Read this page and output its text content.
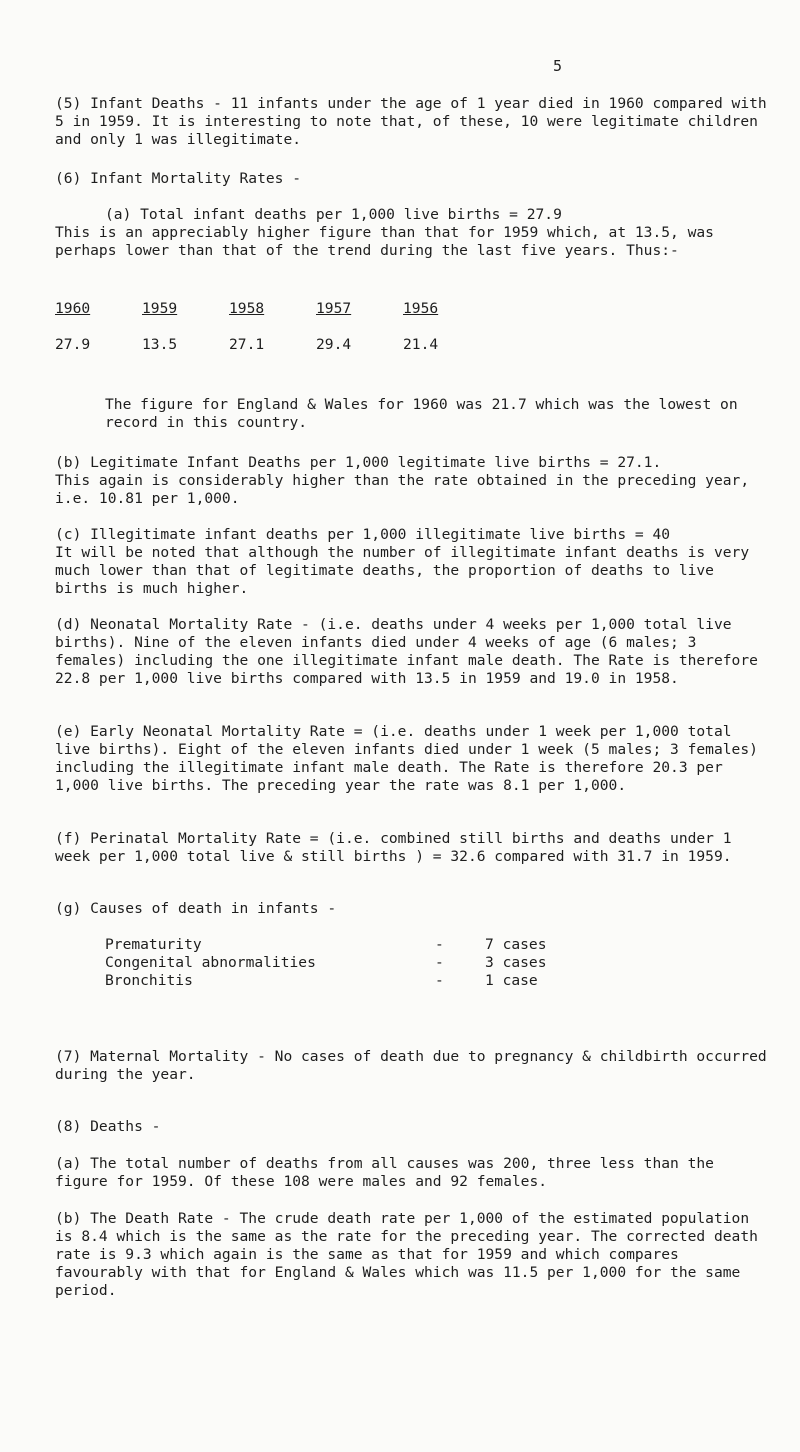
5

(5) Infant Deaths - 11 infants under the age of 1 year died in 1960 compared with 5 in 1959. It is interesting to note that, of these, 10 were legitimate children and only 1 was illegitimate.

(6) Infant Mortality Rates -

(a) Total infant deaths per 1,000 live births = 27.9

This is an appreciably higher figure than that for 1959 which, at 13.5, was perhaps lower than that of the trend during the last five years. Thus:-

1960	1959	1958	1957	1956
27.9	13.5	27.1	29.4	21.4

The figure for England & Wales for 1960 was 21.7 which was the lowest on record in this country.

(b) Legitimate Infant Deaths per 1,000 legitimate live births = 27.1.

This again is considerably higher than the rate obtained in the preceding year, i.e. 10.81 per 1,000.

(c) Illegitimate infant deaths per 1,000 illegitimate live births = 40

It will be noted that although the number of illegitimate infant deaths is very much lower than that of legitimate deaths, the proportion of deaths to live births is much higher.

(d) Neonatal Mortality Rate - (i.e. deaths under 4 weeks per 1,000 total live births). Nine of the eleven infants died under 4 weeks of age (6 males; 3 females) including the one illegitimate infant male death. The Rate is therefore 22.8 per 1,000 live births compared with 13.5 in 1959 and 19.0 in 1958.

(e) Early Neonatal Mortality Rate = (i.e. deaths under 1 week per 1,000 total live births). Eight of the eleven infants died under 1 week (5 males; 3 females) including the illegitimate infant male death. The Rate is therefore 20.3 per 1,000 live births. The preceding year the rate was 8.1 per 1,000.

(f) Perinatal Mortality Rate = (i.e. combined still births and deaths under 1 week per 1,000 total live & still births ) = 32.6 compared with 31.7 in 1959.

(g) Causes of death in infants -

Prematurity	-	7 cases
Congenital abnormalities	-	3 cases
Bronchitis	-	1 case

(7) Maternal Mortality - No cases of death due to pregnancy & childbirth occurred during the year.

(8) Deaths -

(a) The total number of deaths from all causes was 200, three less than the figure for 1959. Of these 108 were males and 92 females.

(b) The Death Rate - The crude death rate per 1,000 of the estimated population is 8.4 which is the same as the rate for the preceding year. The corrected death rate is 9.3 which again is the same as that for 1959 and which compares favourably with that for England & Wales which was 11.5 per 1,000 for the same period.
